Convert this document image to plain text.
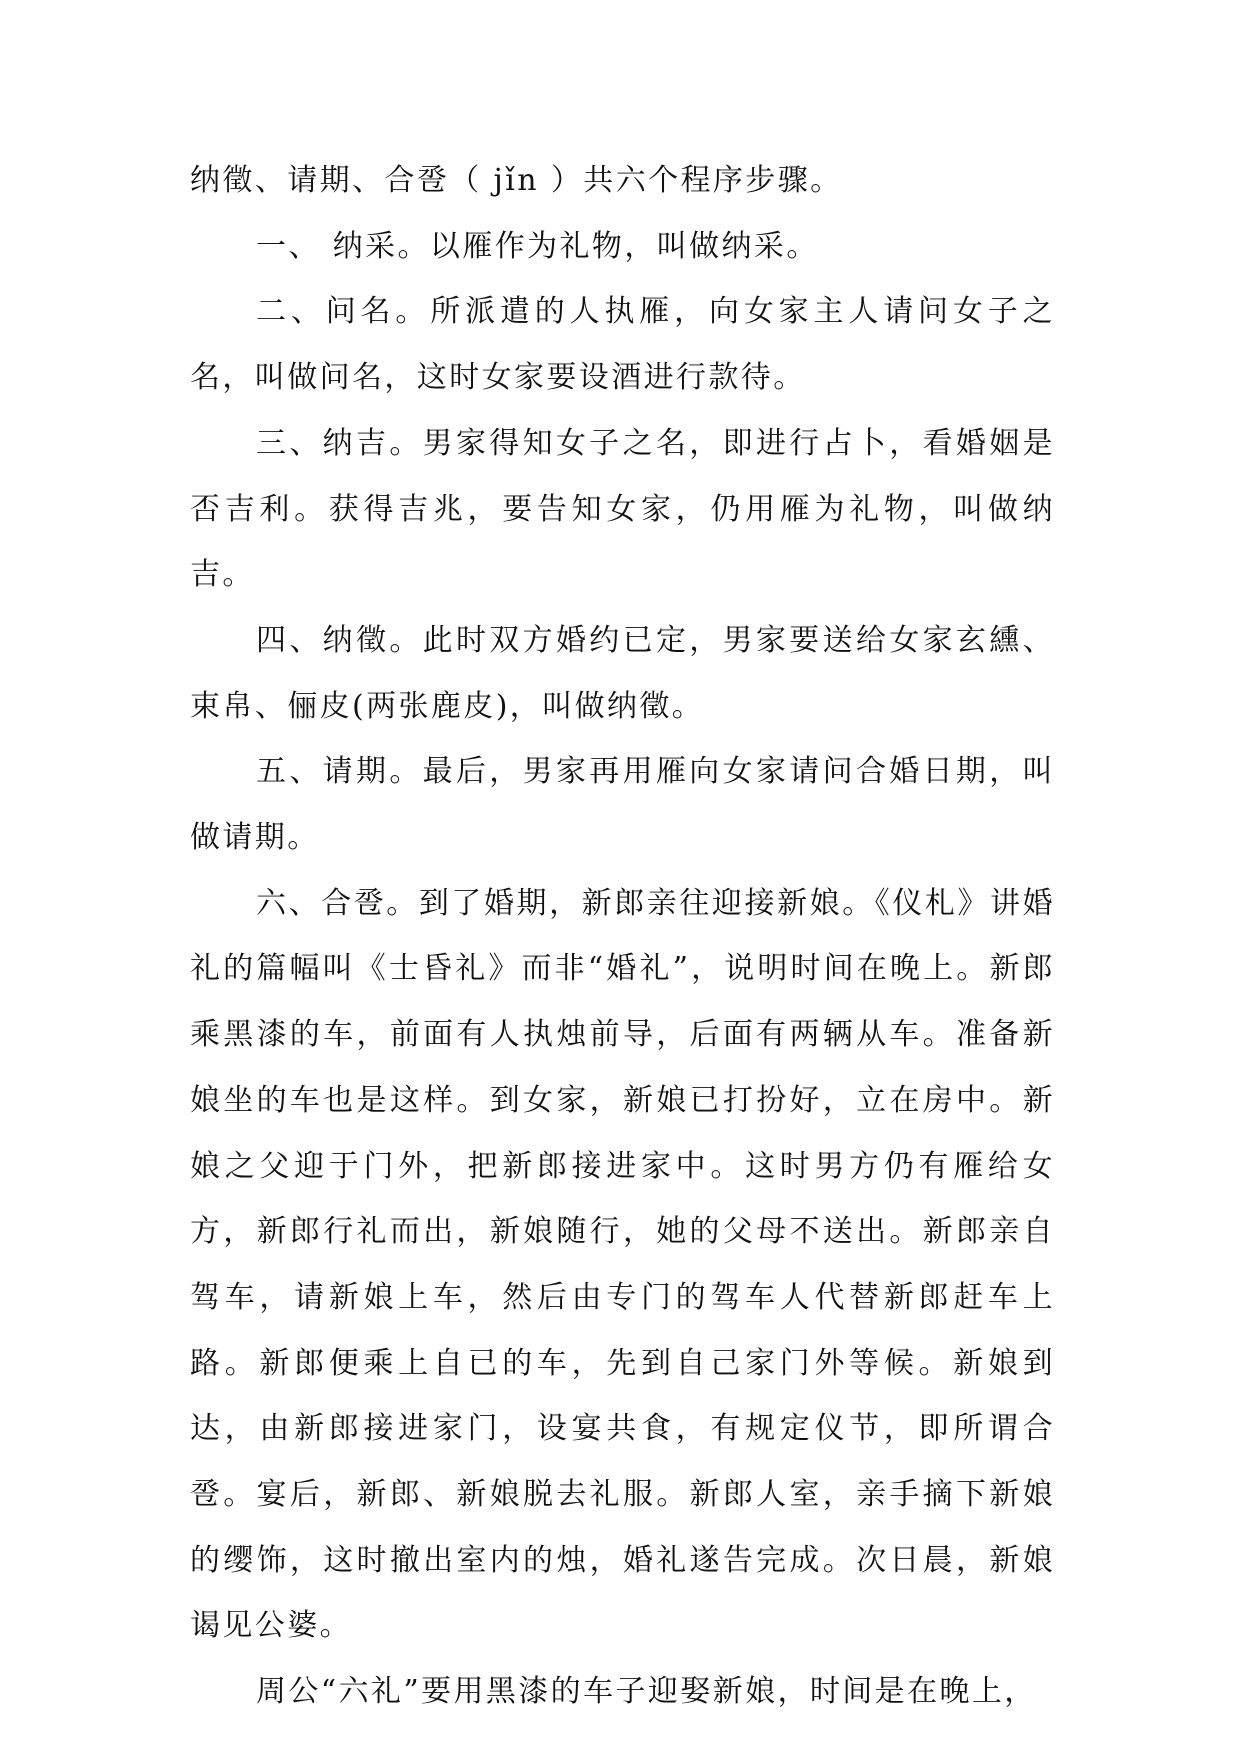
纳徵、请期、合卺（ jǐn ）共六个程序步骤。

一、 纳采。以雁作为礼物，叫做纳采。

二、问名。所派遣的人执雁，向女家主人请问女子之名，叫做问名，这时女家要设酒进行款待。

三、纳吉。男家得知女子之名，即进行占卜，看婚姻是否吉利。获得吉兆，要告知女家，仍用雁为礼物，叫做纳吉。

四、纳徵。此时双方婚约已定，男家要送给女家玄纁、束帛、俪皮(两张鹿皮)，叫做纳徵。

五、请期。最后，男家再用雁向女家请问合婚日期，叫做请期。

六、合卺。到了婚期，新郎亲往迎接新娘。《仪札》讲婚礼的篇幅叫《士昏礼》而非“婚礼”，说明时间在晚上。新郎乘黑漆的车，前面有人执烛前导，后面有两辆从车。准备新娘坐的车也是这样。到女家，新娘已打扮好，立在房中。新娘之父迎于门外，把新郎接进家中。这时男方仍有雁给女方，新郎行礼而出，新娘随行，她的父母不送出。新郎亲自驾车，请新娘上车，然后由专门的驾车人代替新郎赶车上路。新郎便乘上自已的车，先到自己家门外等候。新娘到达，由新郎接进家门，设宴共食，有规定仪节，即所谓合卺。宴后，新郎、新娘脱去礼服。新郎人室，亲手摘下新娘的缨饰，这时撤出室内的烛，婚礼遂告完成。次日晨，新娘谒见公婆。

周公“六礼”要用黑漆的车子迎娶新娘，时间是在晚上，
